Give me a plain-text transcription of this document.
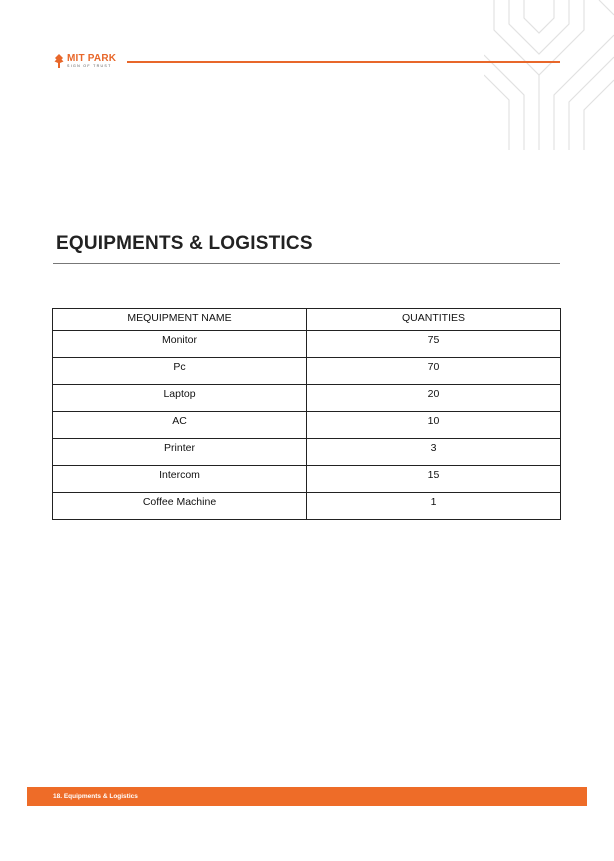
MIT PARK
SIGN OF TRUST
EQUIPMENTS & LOGISTICS
MEQUIPMENT NAME	QUANTITIES
Monitor	75
Pc	70
Laptop	20
AC	10
Printer	3
Intercom	15
Coffee Machine	1
18. Equipments & Logistics
